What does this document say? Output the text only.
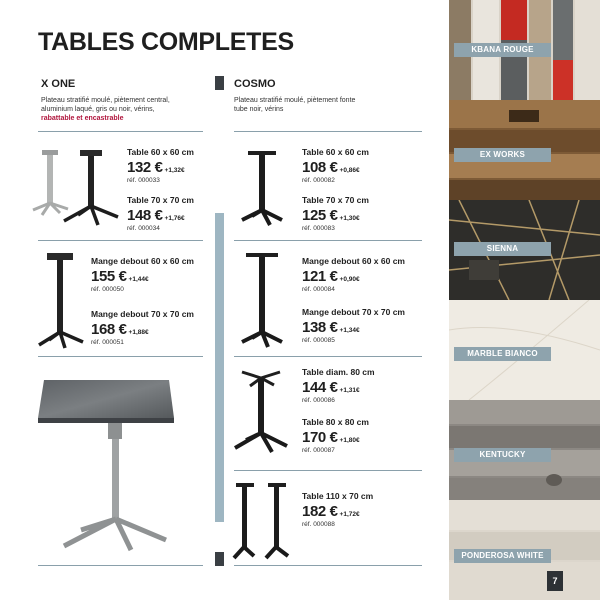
TABLES COMPLETES
X ONE
Plateau stratifié moulé, piètement central,
aluminium laqué, gris ou noir, vérins,
rabattable et encastrable
COSMO
Plateau stratifié moulé, piètement fonte
tube noir, vérins
Table 60 x 60 cm
132 € +1,32€
réf. 000033
Table 70 x 70 cm
148 € +1,76€
réf. 000034
Mange debout 60 x 60 cm
155 € +1,44€
réf. 000050
Mange debout 70 x 70 cm
168 € +1,88€
réf. 000051
Table 60 x 60 cm
108 € +0,86€
réf. 000082
Table 70 x 70 cm
125 € +1,30€
réf. 000083
Mange debout 60 x 60 cm
121 € +0,90€
réf. 000084
Mange debout 70 x 70 cm
138 € +1,34€
réf. 000085
Table diam. 80 cm
144 € +1,31€
réf. 000086
Table 80 x 80 cm
170 € +1,80€
réf. 000087
Table 110 x 70 cm
182 € +1,72€
réf. 000088
KBANA ROUGE
EX WORKS
SIENNA
MARBLE BIANCO
KENTUCKY
PONDEROSA WHITE
7
